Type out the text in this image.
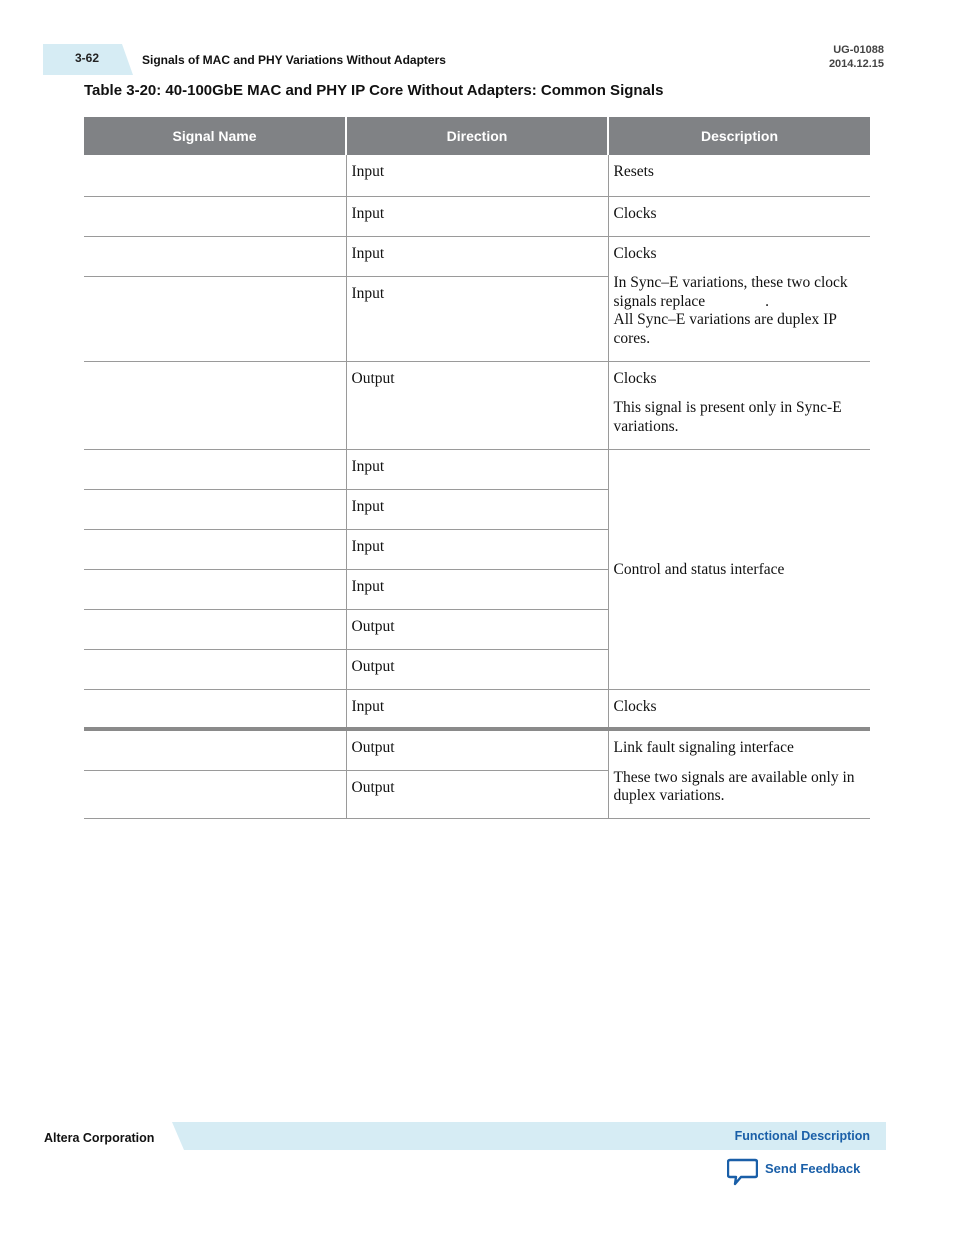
3-62	Signals of MAC and PHY Variations Without Adapters
UG-01088
2014.12.15
Table 3-20: 40-100GbE MAC and PHY IP Core Without Adapters: Common Signals
Signal Name	Direction	Description
	Input	Resets
	Input	Clocks
	Input	Clocks
In Sync–E variations, these two clock signals replace .
All Sync–E variations are duplex IP cores.

	Input	
	Output	Clocks
This signal is present only in Sync-E variations.

	Input	Control and status interface
	Input	
	Input	
	Input	
	Output	
	Output	
	Input	Clocks
	Output	Link fault signaling interface
These two signals are available only in duplex variations.

	Output	
Altera Corporation	Functional Description
Send Feedback
